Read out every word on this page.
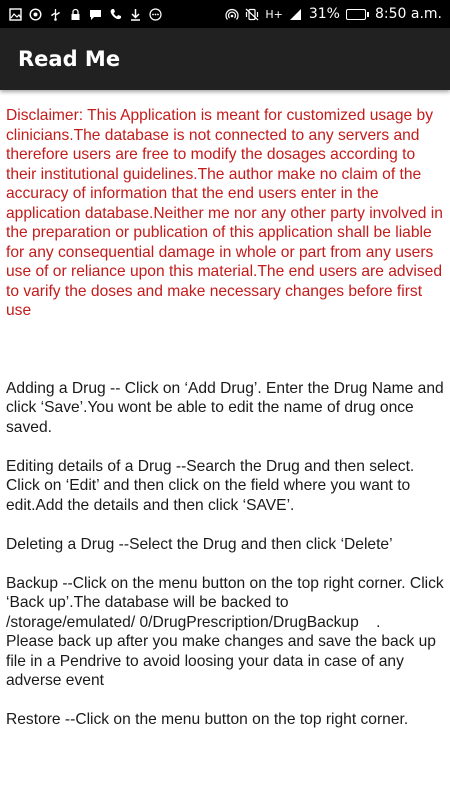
H+ 31%	8:50 a.m.
Read Me

Disclaimer: This Application is meant for customized usage by clinicians.The database is not connected to any servers and therefore users are free to modify the dosages according to their institutional guidelines.The author make no claim of the accuracy of information that the end users enter in the application database.Neither me nor any other party involved in the preparation or publication of this application shall be liable for any consequential damage in whole or part from any users use of or reliance upon this material.The end users are advised to varify the doses and make necessary changes before first use

Adding a Drug -- Click on ‘Add Drug’. Enter the Drug Name and click ‘Save’.You wont be able to edit the name of drug once saved.

Editing details of a Drug --Search the Drug and then select. Click on ‘Edit’ and then click on the field where you want to edit.Add the details and then click ‘SAVE’.

Deleting a Drug --Select the Drug and then click ‘Delete’

Backup --Click on the menu button on the top right corner. Click ‘Back up’.The database will be backed to
/storage/emulated/ 0/DrugPrescription/DrugBackup    .
Please back up after you make changes and save the back up file in a Pendrive to avoid loosing your data in case of any adverse event

Restore --Click on the menu button on the top right corner.
